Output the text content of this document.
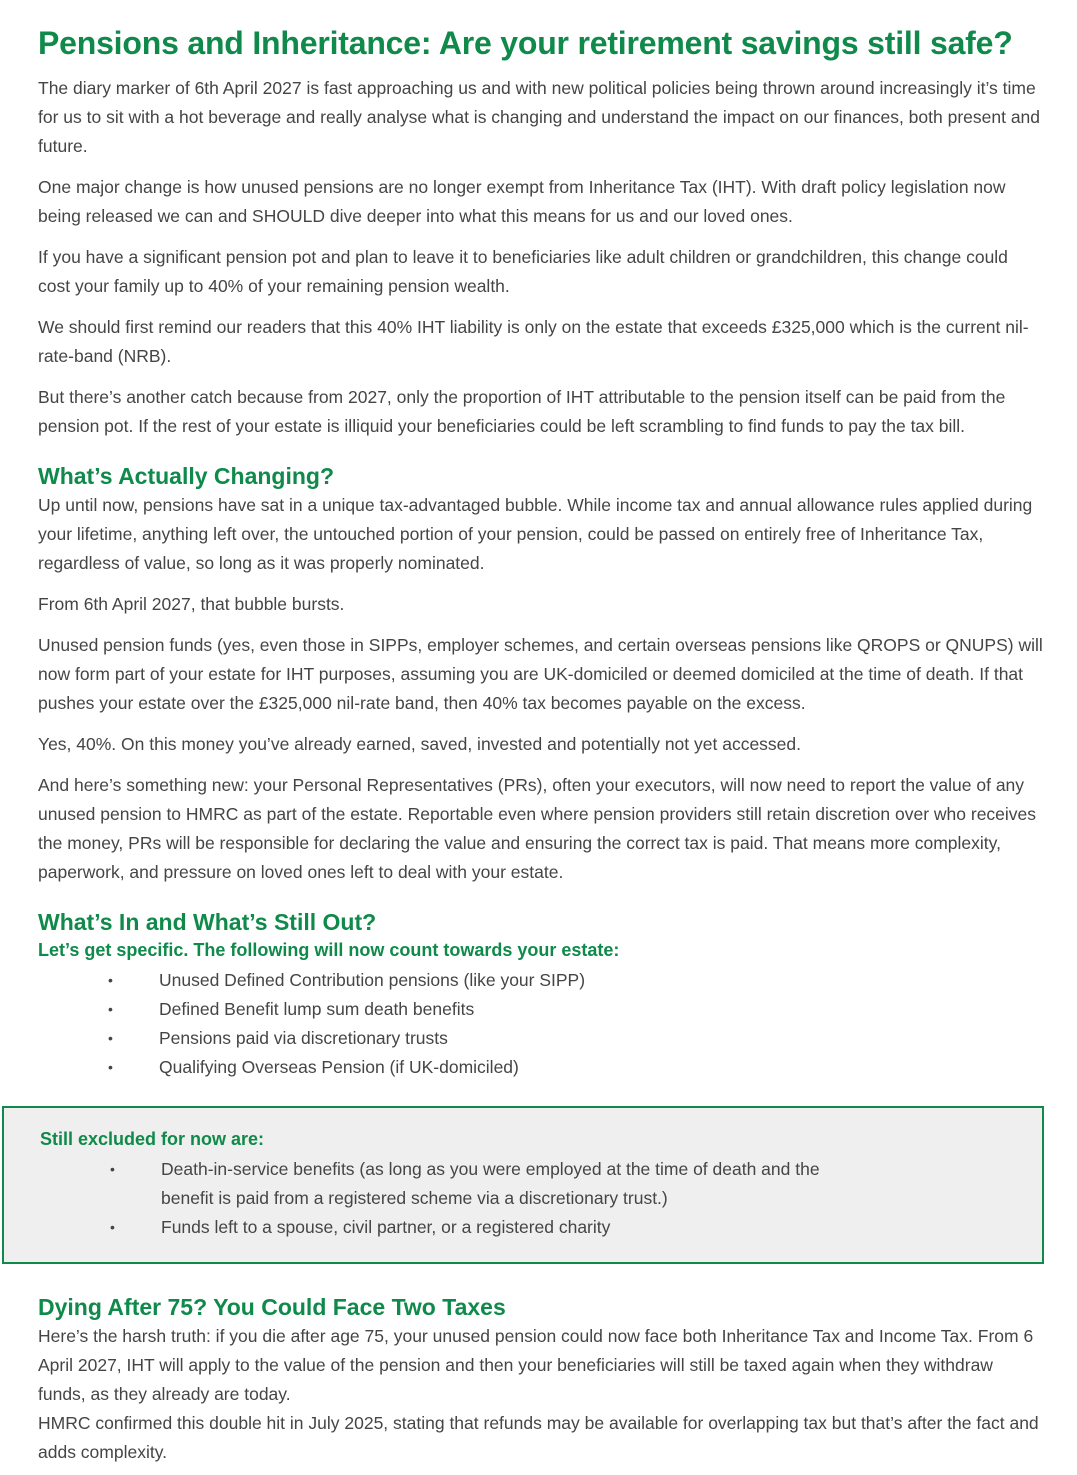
Pensions and Inheritance: Are your retirement savings still safe?

The diary marker of 6th April 2027 is fast approaching us and with new political policies being thrown around increasingly it’s time for us to sit with a hot beverage and really analyse what is changing and understand the impact on our finances, both present and future.

One major change is how unused pensions are no longer exempt from Inheritance Tax (IHT). With draft policy legislation now being released we can and SHOULD dive deeper into what this means for us and our loved ones.

If you have a significant pension pot and plan to leave it to beneficiaries like adult children or grandchildren, this change could cost your family up to 40% of your remaining pension wealth.

We should first remind our readers that this 40% IHT liability is only on the estate that exceeds £325,000 which is the current nil-rate-band (NRB).

But there’s another catch because from 2027, only the proportion of IHT attributable to the pension itself can be paid from the pension pot. If the rest of your estate is illiquid your beneficiaries could be left scrambling to find funds to pay the tax bill.

What’s Actually Changing?

Up until now, pensions have sat in a unique tax-advantaged bubble. While income tax and annual allowance rules applied during your lifetime, anything left over, the untouched portion of your pension, could be passed on entirely free of Inheritance Tax, regardless of value, so long as it was properly nominated.

From 6th April 2027, that bubble bursts.

Unused pension funds (yes, even those in SIPPs, employer schemes, and certain overseas pensions like QROPS or QNUPS) will now form part of your estate for IHT purposes, assuming you are UK-domiciled or deemed domiciled at the time of death. If that pushes your estate over the £325,000 nil-rate band, then 40% tax becomes payable on the excess.

Yes, 40%. On this money you’ve already earned, saved, invested and potentially not yet accessed.

And here’s something new: your Personal Representatives (PRs), often your executors, will now need to report the value of any unused pension to HMRC as part of the estate. Reportable even where pension providers still retain discretion over who receives the money, PRs will be responsible for declaring the value and ensuring the correct tax is paid. That means more complexity, paperwork, and pressure on loved ones left to deal with your estate.

What’s In and What’s Still Out?
Let’s get specific. The following will now count towards your estate:
•	Unused Defined Contribution pensions (like your SIPP)
•	Defined Benefit lump sum death benefits
•	Pensions paid via discretionary trusts
•	Qualifying Overseas Pension (if UK-domiciled)
Still excluded for now are:
•	Death-in-service benefits (as long as you were employed at the time of death and the benefit is paid from a registered scheme via a discretionary trust.)
•	Funds left to a spouse, civil partner, or a registered charity
Dying After 75? You Could Face Two Taxes

Here’s the harsh truth: if you die after age 75, your unused pension could now face both Inheritance Tax and Income Tax. From 6 April 2027, IHT will apply to the value of the pension and then your beneficiaries will still be taxed again when they withdraw funds, as they already are today.

HMRC confirmed this double hit in July 2025, stating that refunds may be available for overlapping tax but that’s after the fact and adds complexity.
